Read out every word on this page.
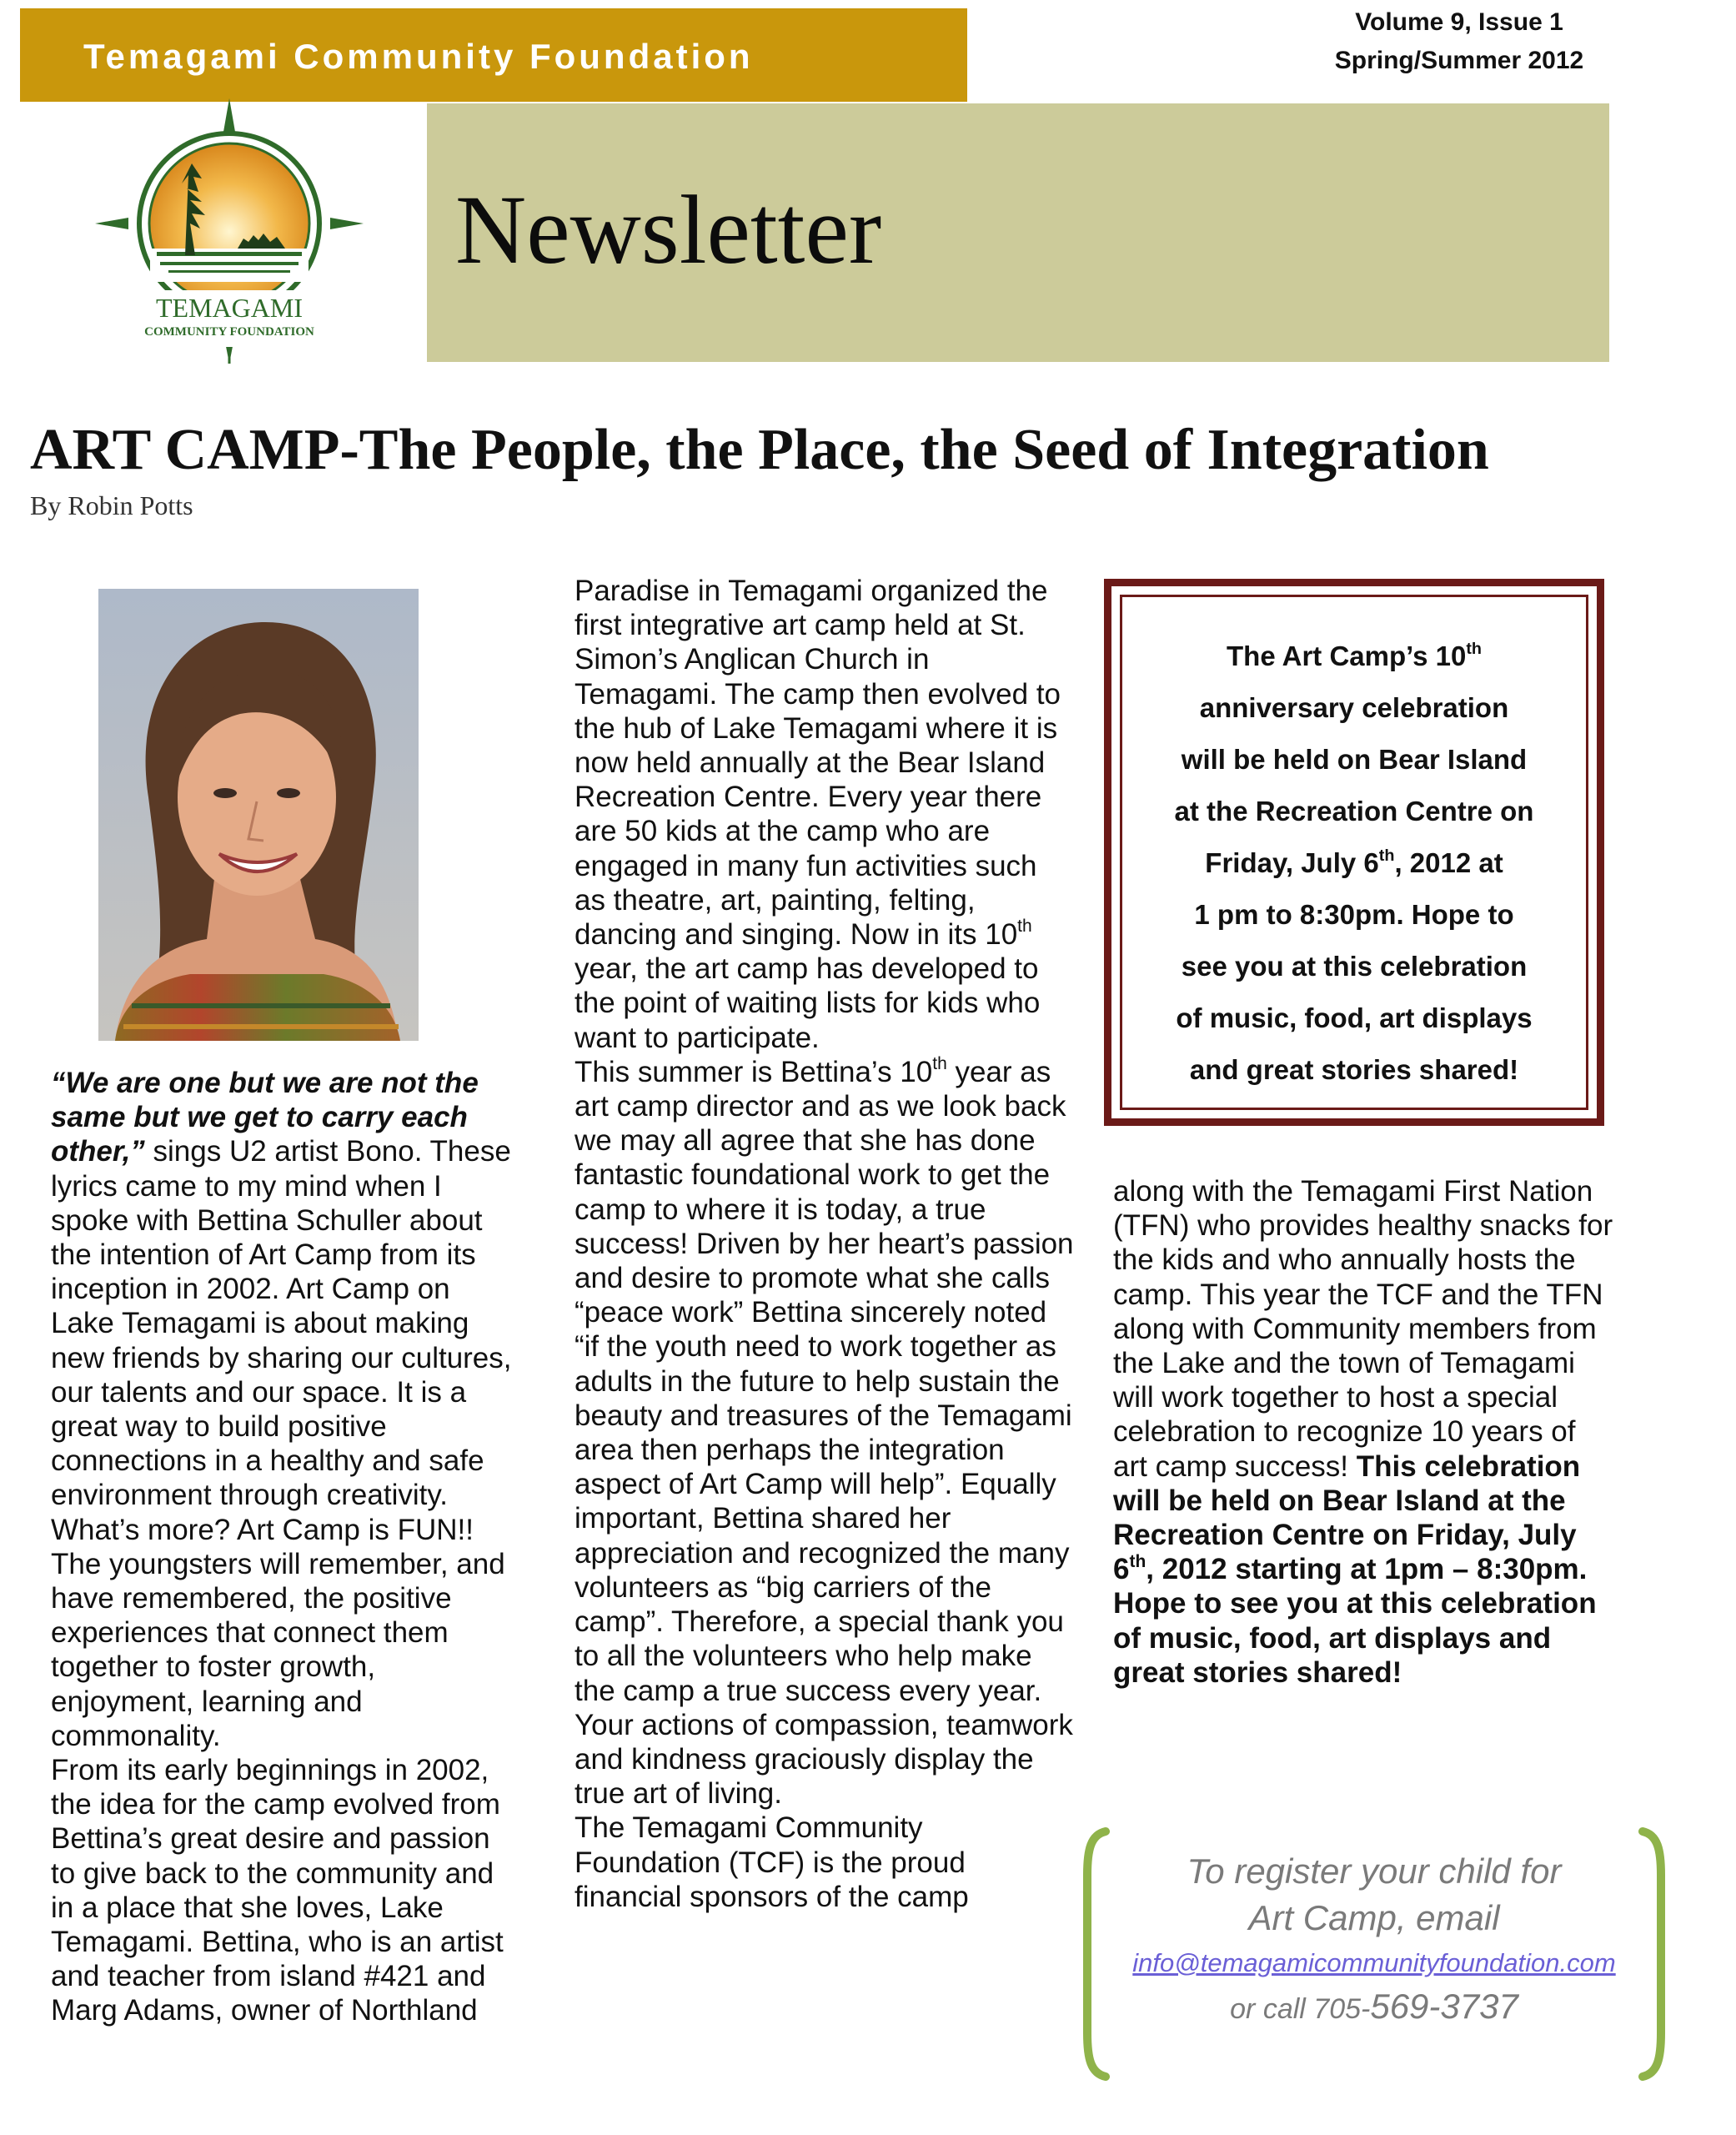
Temagami Community Foundation
Volume 9, Issue 1
Spring/Summer 2012
Newsletter
TEMAGAMI
COMMUNITY FOUNDATION
ART CAMP-The People, the Place, the Seed of Integration
By Robin Potts

“We are one but we are not the same but we get to carry each other,” sings U2 artist Bono. These lyrics came to my mind when I spoke with Bettina Schuller about the intention of Art Camp from its inception in 2002. Art Camp on Lake Temagami is about making new friends by sharing our cultures, our talents and our space. It is a great way to build positive connections in a healthy and safe environment through creativity. What’s more? Art Camp is FUN!! The youngsters will remember, and have remembered, the positive experiences that connect them together to foster growth, enjoyment, learning and commonality.

From its early beginnings in 2002, the idea for the camp evolved from Bettina’s great desire and passion to give back to the community and in a place that she loves, Lake Temagami. Bettina, who is an artist and teacher from island #421 and Marg Adams, owner of Northland

Paradise in Temagami organized the first integrative art camp held at St. Simon’s Anglican Church in Temagami. The camp then evolved to the hub of Lake Temagami where it is now held annually at the Bear Island Recreation Centre. Every year there are 50 kids at the camp who are engaged in many fun activities such as theatre, art, painting, felting, dancing and singing. Now in its 10th year, the art camp has developed to the point of waiting lists for kids who want to participate.

This summer is Bettina’s 10th year as art camp director and as we look back we may all agree that she has done fantastic foundational work to get the camp to where it is today, a true success! Driven by her heart’s passion and desire to promote what she calls “peace work” Bettina sincerely noted “if the youth need to work together as adults in the future to help sustain the beauty and treasures of the Temagami area then perhaps the integration aspect of Art Camp will help”. Equally important, Bettina shared her appreciation and recognized the many volunteers as “big carriers of the camp”. Therefore, a special thank you to all the volunteers who help make the camp a true success every year. Your actions of compassion, teamwork and kindness graciously display the true art of living.

The Temagami Community Foundation (TCF) is the proud financial sponsors of the camp

The Art Camp’s 10th
anniversary celebration
will be held on Bear Island
at the Recreation Centre on
Friday, July 6th, 2012 at
1 pm to 8:30pm. Hope to
see you at this celebration
of music, food, art displays
and great stories shared!

along with the Temagami First Nation (TFN) who provides healthy snacks for the kids and who annually hosts the camp. This year the TCF and the TFN along with Community members from the Lake and the town of Temagami will work together to host a special celebration to recognize 10 years of art camp success! This celebration will be held on Bear Island at the Recreation Centre on Friday, July 6th, 2012 starting at 1pm – 8:30pm. Hope to see you at this celebration of music, food, art displays and great stories shared!

To register your child for
Art Camp, email
info@temagamicommunityfoundation.com
or call 705-569-3737
